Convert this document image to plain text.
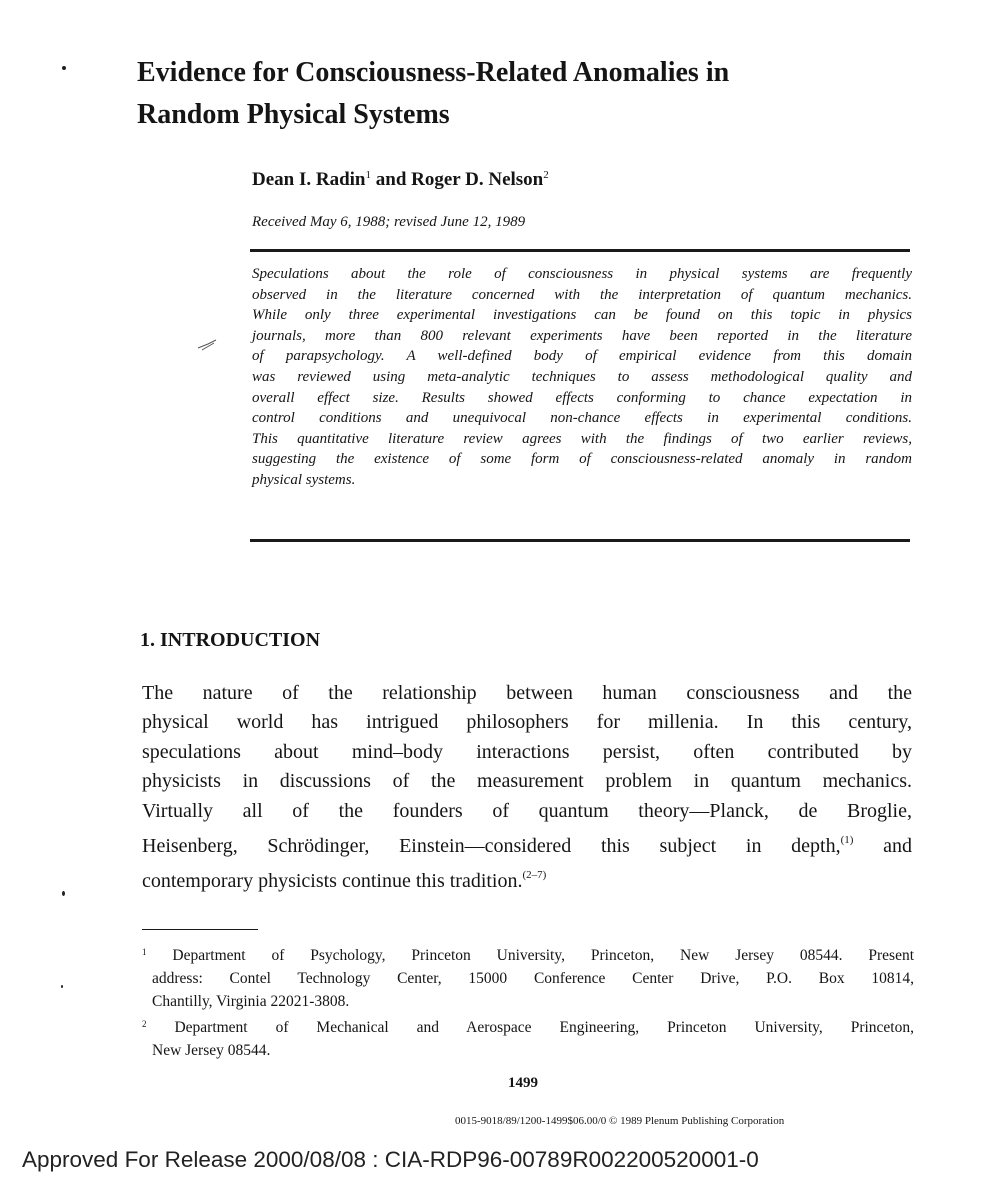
Evidence for Consciousness-Related Anomalies in
Random Physical Systems
Dean I. Radin$^1$ and Roger D. Nelson$^2$
Received May 6, 1988; revised June 12, 1989
Speculations about the role of consciousness in physical systems are frequently
observed in the literature concerned with the interpretation of quantum mechanics.
While only three experimental investigations can be found on this topic in physics
journals, more than 800 relevant experiments have been reported in the literature
of parapsychology. A well-defined body of empirical evidence from this domain
was reviewed using meta-analytic techniques to assess methodological quality and
overall effect size. Results showed effects conforming to chance expectation in
control conditions and unequivocal non-chance effects in experimental conditions.
This quantitative literature review agrees with the findings of two earlier reviews,
suggesting the existence of some form of consciousness-related anomaly in random
physical systems.
1. INTRODUCTION
The nature of the relationship between human consciousness and the
physical world has intrigued philosophers for millenia. In this century,
speculations about mind–body interactions persist, often contributed by
physicists in discussions of the measurement problem in quantum mechanics.
Virtually all of the founders of quantum theory—Planck, de Broglie,
Heisenberg, Schrödinger, Einstein—considered this subject in depth,$^{(1)}$ and
contemporary physicists continue this tradition.$^{(2-7)}$
$^1$ Department of Psychology, Princeton University, Princeton, New Jersey 08544. Present
address: Contel Technology Center, 15000 Conference Center Drive, P.O. Box 10814,
Chantilly, Virginia 22021-3808.
$^2$ Department of Mechanical and Aerospace Engineering, Princeton University, Princeton,
New Jersey 08544.
1499
0015-9018/89/1200-1499$06.00/0 © 1989 Plenum Publishing Corporation
Approved For Release 2000/08/08 : CIA-RDP96-00789R002200520001-0
